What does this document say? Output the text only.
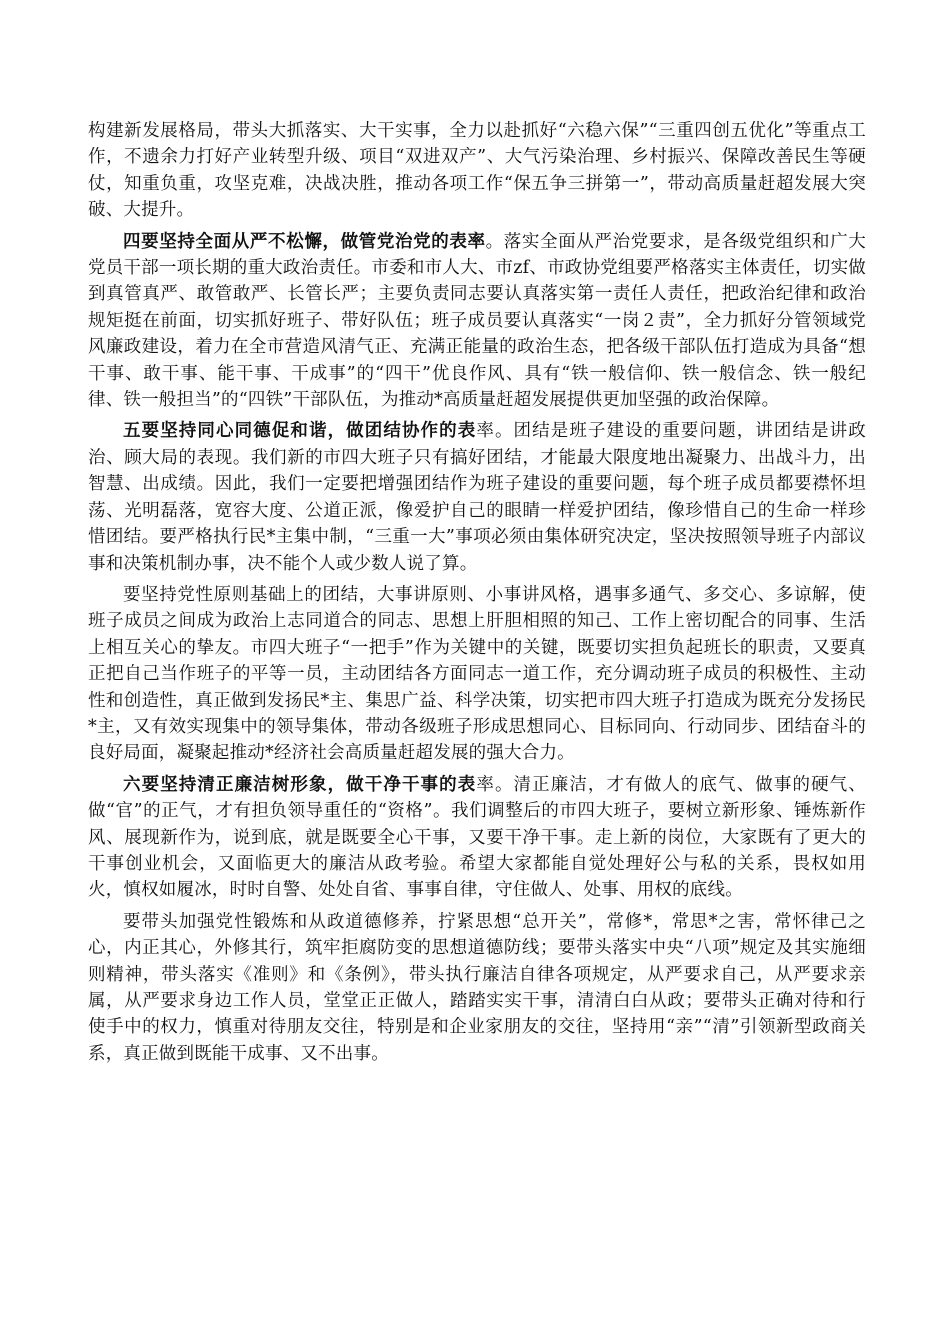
构建新发展格局，带头大抓落实、大干实事，全力以赴抓好“六稳六保”“三重四创五优化”等重点工作，不遗余力打好产业转型升级、项目“双进双产”、大气污染治理、乡村振兴、保障改善民生等硬仗，知重负重，攻坚克难，决战决胜，推动各项工作“保五争三拼第一”，带动高质量赶超发展大突破、大提升。

四要坚持全面从严不松懈，做管党治党的表率。落实全面从严治党要求，是各级党组织和广大党员干部一项长期的重大政治责任。市委和市人大、市zf、市政协党组要严格落实主体责任，切实做到真管真严、敢管敢严、长管长严；主要负责同志要认真落实第一责任人责任，把政治纪律和政治规矩挺在前面，切实抓好班子、带好队伍；班子成员要认真落实“一岗２责”，全力抓好分管领域党风廉政建设，着力在全市营造风清气正、充满正能量的政治生态，把各级干部队伍打造成为具备“想干事、敢干事、能干事、干成事”的“四干”优良作风、具有“铁一般信仰、铁一般信念、铁一般纪律、铁一般担当”的“四铁”干部队伍，为推动*高质量赶超发展提供更加坚强的政治保障。

五要坚持同心同德促和谐，做团结协作的表率。团结是班子建设的重要问题，讲团结是讲政治、顾大局的表现。我们新的市四大班子只有搞好团结，才能最大限度地出凝聚力、出战斗力，出智慧、出成绩。因此，我们一定要把增强团结作为班子建设的重要问题，每个班子成员都要襟怀坦荡、光明磊落，宽容大度、公道正派，像爱护自己的眼睛一样爱护团结，像珍惜自己的生命一样珍惜团结。要严格执行民*主集中制，“三重一大”事项必须由集体研究决定，坚决按照领导班子内部议事和决策机制办事，决不能个人或少数人说了算。

要坚持党性原则基础上的团结，大事讲原则、小事讲风格，遇事多通气、多交心、多谅解，使班子成员之间成为政治上志同道合的同志、思想上肝胆相照的知己、工作上密切配合的同事、生活上相互关心的挚友。市四大班子“一把手”作为关键中的关键，既要切实担负起班长的职责，又要真正把自己当作班子的平等一员，主动团结各方面同志一道工作，充分调动班子成员的积极性、主动性和创造性，真正做到发扬民*主、集思广益、科学决策，切实把市四大班子打造成为既充分发扬民*主，又有效实现集中的领导集体，带动各级班子形成思想同心、目标同向、行动同步、团结奋斗的良好局面，凝聚起推动*经济社会高质量赶超发展的强大合力。

六要坚持清正廉洁树形象，做干净干事的表率。清正廉洁，才有做人的底气、做事的硬气、做“官”的正气，才有担负领导重任的“资格”。我们调整后的市四大班子，要树立新形象、锤炼新作风、展现新作为，说到底，就是既要全心干事，又要干净干事。走上新的岗位，大家既有了更大的干事创业机会，又面临更大的廉洁从政考验。希望大家都能自觉处理好公与私的关系，畏权如用火，慎权如履冰，时时自警、处处自省、事事自律，守住做人、处事、用权的底线。

要带头加强党性锻炼和从政道德修养，拧紧思想“总开关”，常修*，常思*之害，常怀律己之心，内正其心，外修其行，筑牢拒腐防变的思想道德防线；要带头落实中央“八项”规定及其实施细则精神，带头落实《准则》和《条例》，带头执行廉洁自律各项规定，从严要求自己，从严要求亲属，从严要求身边工作人员，堂堂正正做人，踏踏实实干事，清清白白从政；要带头正确对待和行使手中的权力，慎重对待朋友交往，特别是和企业家朋友的交往，坚持用“亲”“清”引领新型政商关系，真正做到既能干成事、又不出事。
